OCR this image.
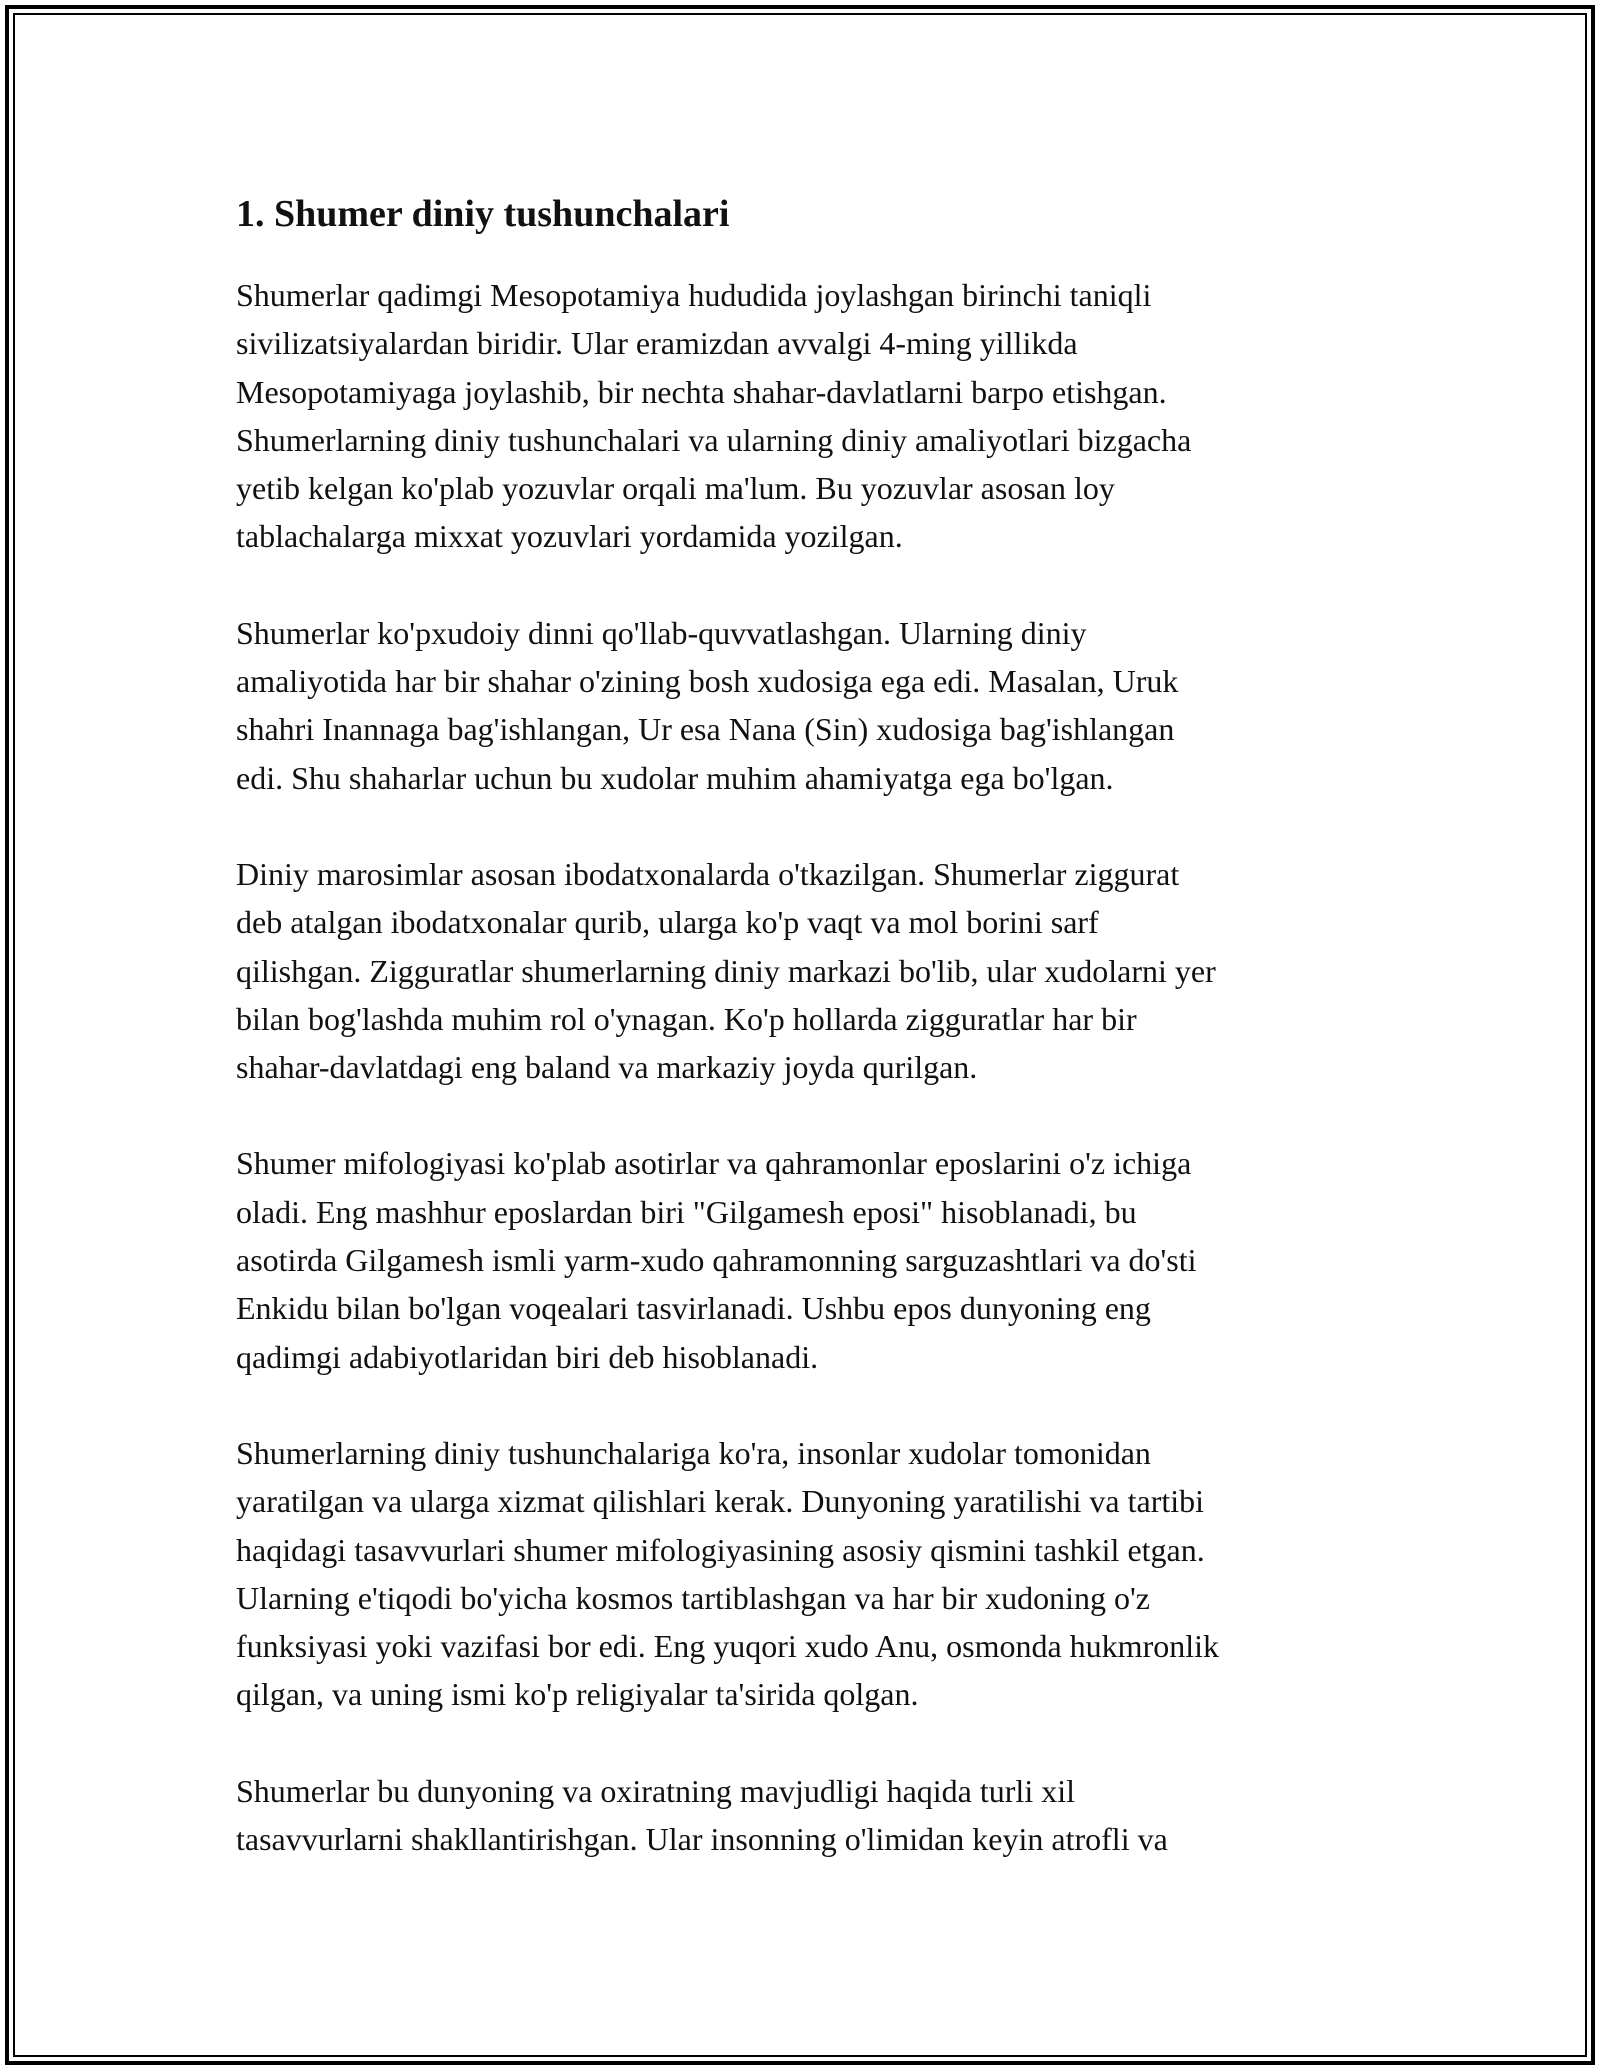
1. Shumer diniy tushunchalari

Shumerlar qadimgi Mesopotamiya hududida joylashgan birinchi taniqli
sivilizatsiyalardan biridir. Ular eramizdan avvalgi 4-ming yillikda
Mesopotamiyaga joylashib, bir nechta shahar-davlatlarni barpo etishgan.
Shumerlarning diniy tushunchalari va ularning diniy amaliyotlari bizgacha
yetib kelgan ko'plab yozuvlar orqali ma'lum. Bu yozuvlar asosan loy
tablachalarga mixxat yozuvlari yordamida yozilgan.

Shumerlar ko'pxudoiy dinni qo'llab-quvvatlashgan. Ularning diniy
amaliyotida har bir shahar o'zining bosh xudosiga ega edi. Masalan, Uruk
shahri Inannaga bag'ishlangan, Ur esa Nana (Sin) xudosiga bag'ishlangan
edi. Shu shaharlar uchun bu xudolar muhim ahamiyatga ega bo'lgan.

Diniy marosimlar asosan ibodatxonalarda o'tkazilgan. Shumerlar ziggurat
deb atalgan ibodatxonalar qurib, ularga ko'p vaqt va mol borini sarf
qilishgan. Zigguratlar shumerlarning diniy markazi bo'lib, ular xudolarni yer
bilan bog'lashda muhim rol o'ynagan. Ko'p hollarda zigguratlar har bir
shahar-davlatdagi eng baland va markaziy joyda qurilgan.

Shumer mifologiyasi ko'plab asotirlar va qahramonlar eposlarini o'z ichiga
oladi. Eng mashhur eposlardan biri "Gilgamesh eposi" hisoblanadi, bu
asotirda Gilgamesh ismli yarm-xudo qahramonning sarguzashtlari va do'sti
Enkidu bilan bo'lgan voqealari tasvirlanadi. Ushbu epos dunyoning eng
qadimgi adabiyotlaridan biri deb hisoblanadi.

Shumerlarning diniy tushunchalariga ko'ra, insonlar xudolar tomonidan
yaratilgan va ularga xizmat qilishlari kerak. Dunyoning yaratilishi va tartibi
haqidagi tasavvurlari shumer mifologiyasining asosiy qismini tashkil etgan.
Ularning e'tiqodi bo'yicha kosmos tartiblashgan va har bir xudoning o'z
funksiyasi yoki vazifasi bor edi. Eng yuqori xudo Anu, osmonda hukmronlik
qilgan, va uning ismi ko'p religiyalar ta'sirida qolgan.

Shumerlar bu dunyoning va oxiratning mavjudligi haqida turli xil
tasavvurlarni shakllantirishgan. Ular insonning o'limidan keyin atrofli va
